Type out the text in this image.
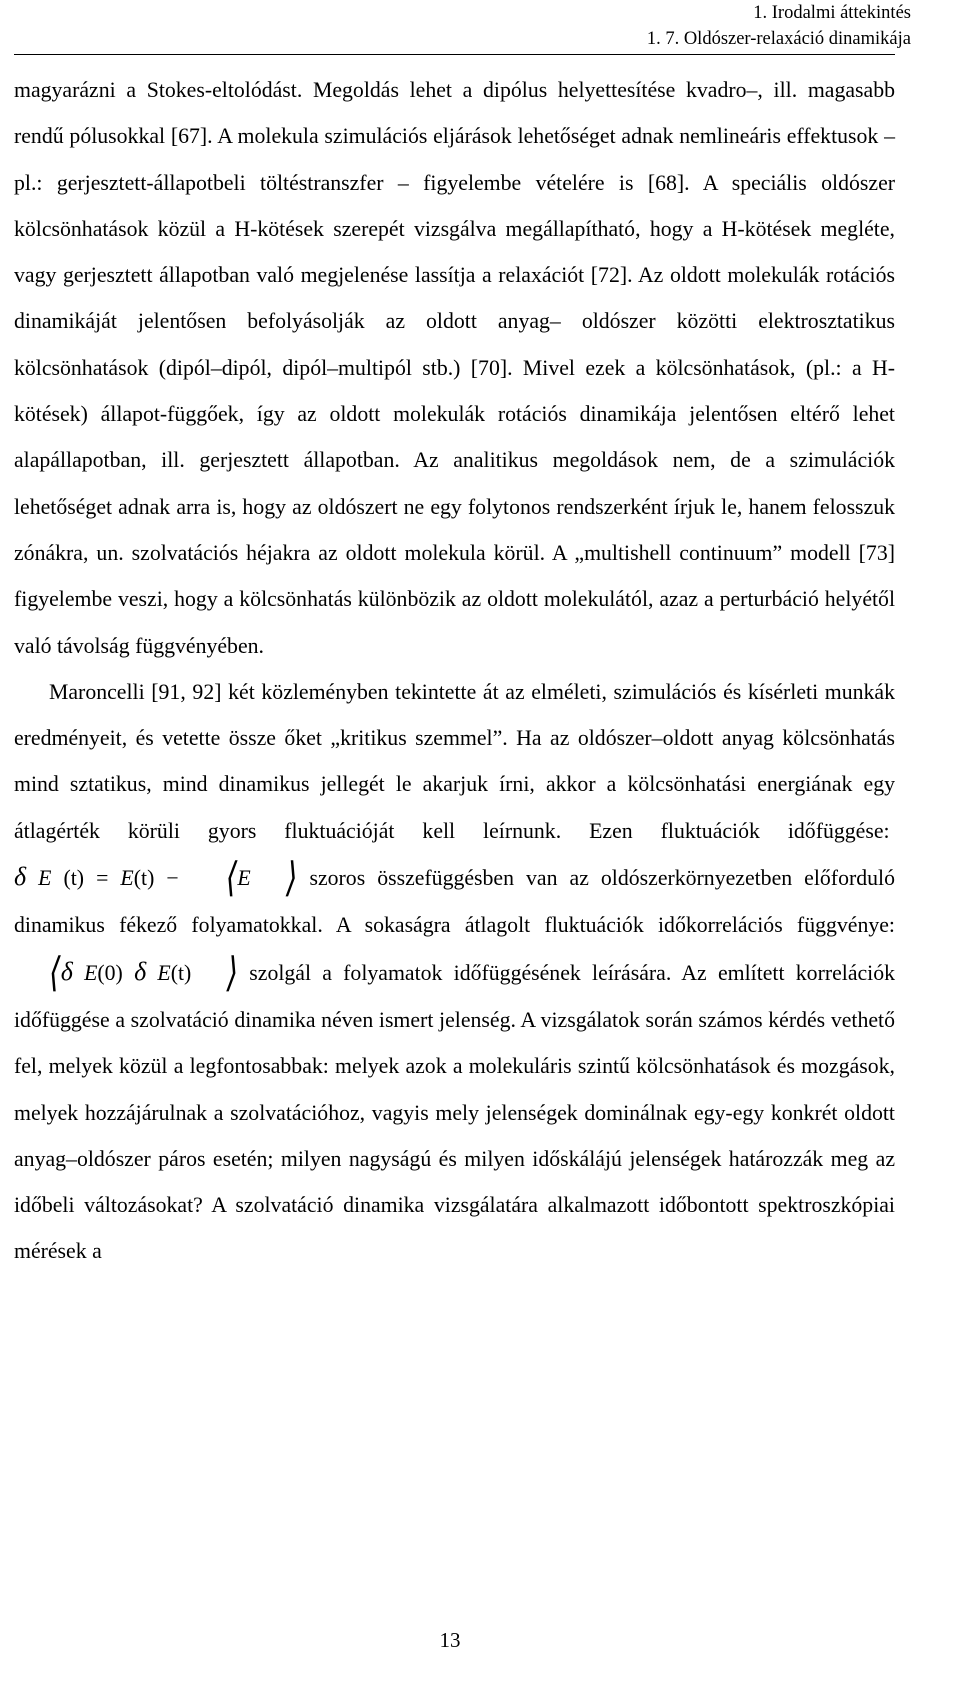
1. Irodalmi áttekintés
1. 7. Oldószer-relaxáció dinamikája

magyarázni a Stokes-eltolódást. Megoldás lehet a dipólus helyettesítése kvadro–, ill. magasabb rendű pólusokkal [67]. A molekula szimulációs eljárások lehetőséget adnak nemlineáris effektusok – pl.: gerjesztett-állapotbeli töltéstranszfer – figyelembe vételére is [68]. A speciális oldószer kölcsönhatások közül a H-kötések szerepét vizsgálva megállapítható, hogy a H-kötések megléte, vagy gerjesztett állapotban való megjelenése lassítja a relaxációt [72]. Az oldott molekulák rotációs dinamikáját jelentősen befolyásolják az oldott anyag– oldószer közötti elektrosztatikus kölcsönhatások (dipól–dipól, dipól–multipól stb.) [70]. Mivel ezek a kölcsönhatások, (pl.: a H-kötések) állapot-függőek, így az oldott molekulák rotációs dinamikája jelentősen eltérő lehet alapállapotban, ill. gerjesztett állapotban. Az analitikus megoldások nem, de a szimulációk lehetőséget adnak arra is, hogy az oldószert ne egy folytonos rendszerként írjuk le, hanem felosszuk zónákra, un. szolvatációs héjakra az oldott molekula körül. A „multishell continuum” modell [73] figyelembe veszi, hogy a kölcsönhatás különbözik az oldott molekulától, azaz a perturbáció helyétől való távolság függvényében.

Maroncelli [91, 92] két közleményben tekintette át az elméleti, szimulációs és kísérleti munkák eredményeit, és vetette össze őket „kritikus szemmel”. Ha az oldószer–oldott anyag kölcsönhatás mind sztatikus, mind dinamikus jellegét le akarjuk írni, akkor a kölcsönhatási energiának egy átlagérték körüli gyors fluktuációját kell leírnunk. Ezen fluktuációk időfüggése:  δ E (t) = E(t) − ⟨E ⟩ szoros összefüggésben van az oldószerkörnyezetben előforduló dinamikus fékező folyamatokkal. A sokaságra átlagolt fluktuációk időkorrelációs függvénye: ⟨δ E(0) δ E(t) ⟩ szolgál a folyamatok időfüggésének leírására. Az említett korrelációk időfüggése a szolvatáció dinamika néven ismert jelenség. A vizsgálatok során számos kérdés vethető fel, melyek közül a legfontosabbak: melyek azok a molekuláris szintű kölcsönhatások és mozgások, melyek hozzájárulnak a szolvatációhoz, vagyis mely jelenségek dominálnak egy-egy konkrét oldott anyag–oldószer páros esetén; milyen nagyságú és milyen időskálájú jelenségek határozzák meg az időbeli változásokat? A szolvatáció dinamika vizsgálatára alkalmazott időbontott spektroszkópiai mérések a

13
